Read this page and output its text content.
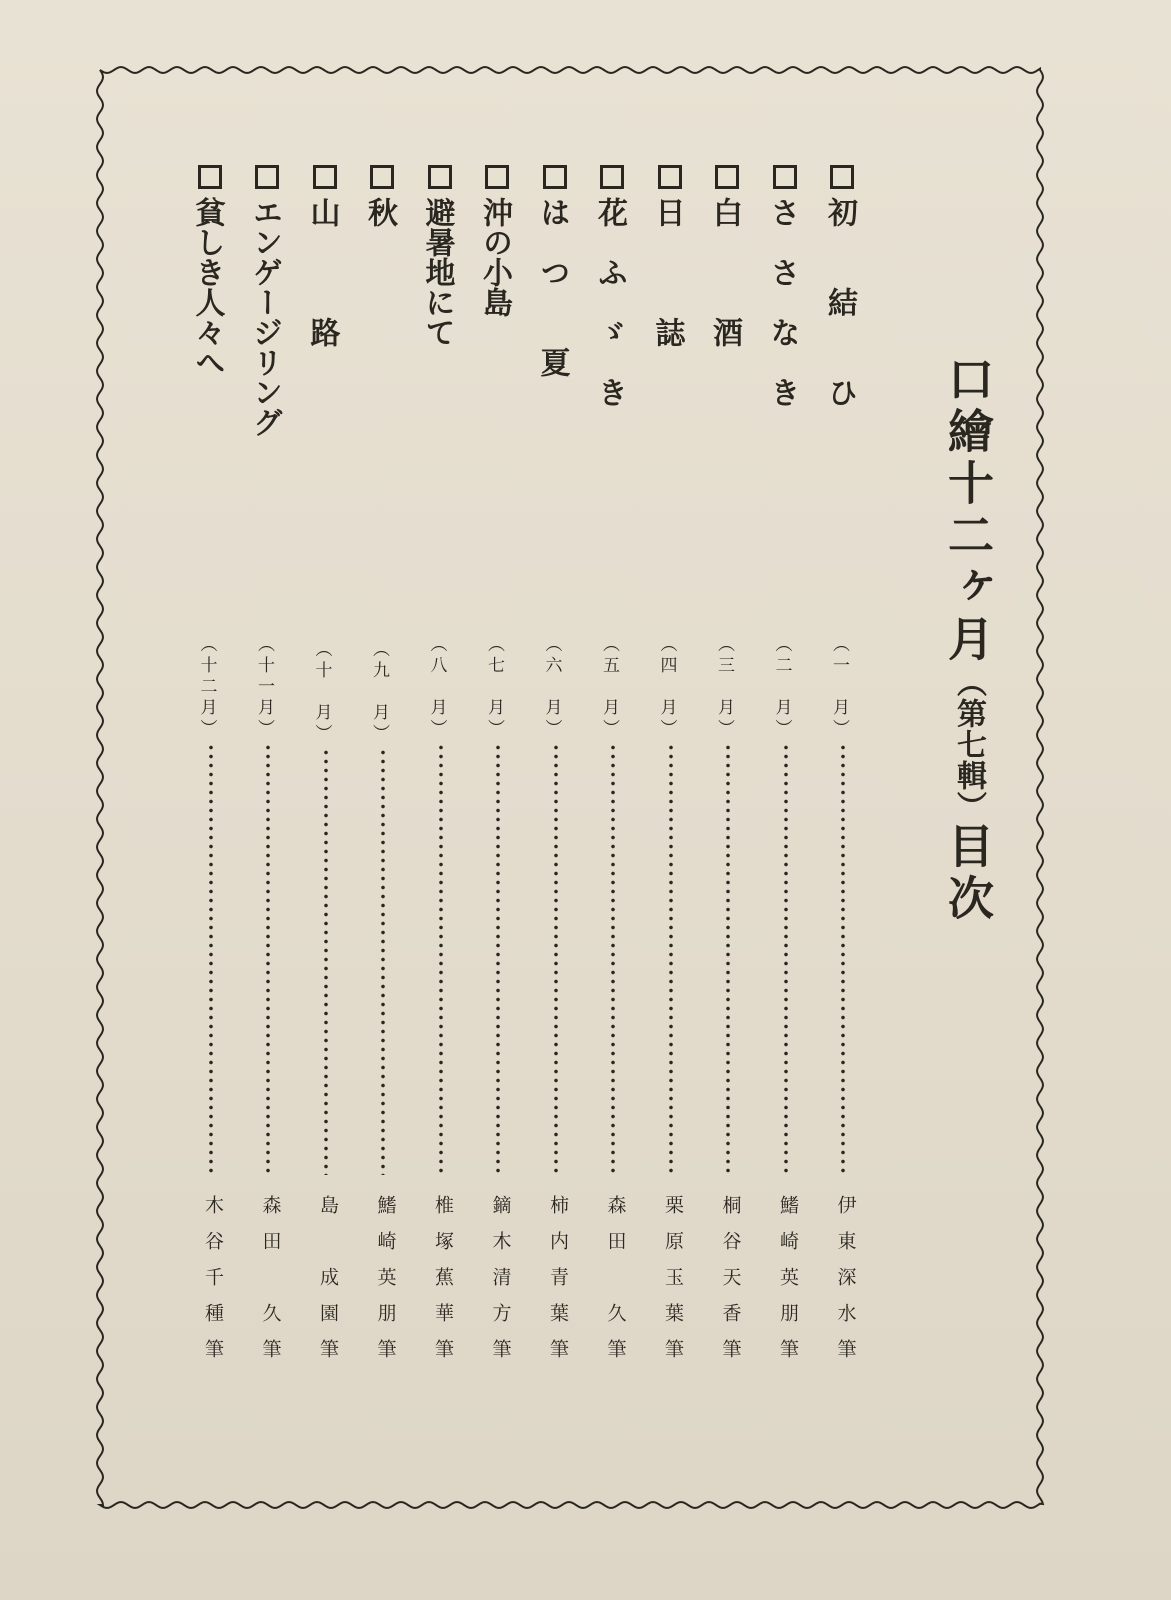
口繪十二ヶ月（第七輯）目次
初　　結　　ひ
（一　月）
伊東深水筆
さ　さ　な　き
（二　月）
鰭崎英朋筆
白　　　酒
（三　月）
桐谷天香筆
日　　　誌
（四　月）
栗原玉葉筆
花　ふ　ゞ　き
（五　月）
森田　久筆
は　つ　　夏
（六　月）
柿内青葉筆
沖の小島
（七　月）
鏑木清方筆
避暑地にて
（八　月）
椎塚蕉華筆
秋
（九　月）
鰭崎英朋筆
山　　　路
（十　月）
島　成園筆
エンゲージリング
（十一月）
森田　久筆
貧しき人々へ
（十二月）
木谷千種筆
